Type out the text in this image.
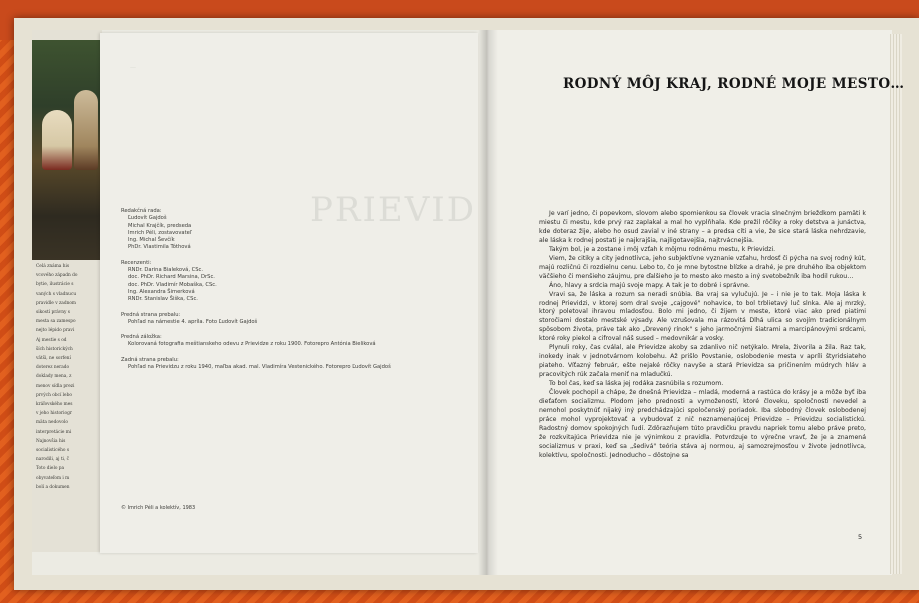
Celá známa his
vcového západn do
bytie, ilustrácie s
vaných s vladnucu
pravidle v zadnom
sikostí právny s
mesta sa zamespo
nejto lépido pravi
Aj mestie s od
ších historických
vätši, ne sorfení
doterez nerado
doklady mena, z
menov sídla prezi
prvých obcí lebo
kráľovského mes
v jeho historiogr
mäta nedovolo
interpretácie mi
Najnovšia his
socialisticého s
narodili, aj ti, č
Toto dielo pa
obyvateľom i m
bolí a dokumen
—
PRIEVID
Redakčná rada:
Ľudovít Gajdoš
Michal Krajčík, predseda
Imrich Péli, zostavovateľ
Ing. Michal Ševčík
PhDr. Vlastimila Tóthová
Recenzenti:
RNDr. Darina Bialeková, CSc.
doc. PhDr. Richard Marsina, DrSc.
doc. PhDr. Vladimír Mobaška, CSc.
Ing. Alexandra Šimerková
RNDr. Stanislav Šiška, CSc.
Predná strana prebalu:
Pohľad na námestie 4. apríla. Foto Ľudovít Gajdoš
Predná záložka:
Kolorovaná fotografia meštianskeho odevu z Prievidze z roku 1900. Fotorepro Antónia Bieliková
Zadná strana prebalu:
Pohľad na Prievidzu z roku 1940, maľba akad. mal. Vladimíra Vestenického. Fotorepro Ľudovít Gajdoš
© Imrich Péli a kolektív, 1983
RODNÝ MÔJ KRAJ, RODNÉ MOJE MESTO…

Je varí jedno, či popevkom, slovom alebo spomienkou sa človek vracia slnečným brieždkom pamäti k miestu či mestu, kde prvý raz zaplakal a mal ho vyplňhala. Kde prežil rôčiky a roky detstva a junáctva, kde doteraz žije, alebo ho osud zavial v iné strany – a predsa cíti a vie, že sice stará láska nehrdzavie, ale láska k rodnej postati je najkrajšia, najligotavejšia, najtrvácnejšia.

Takým bol, je a zostane i môj vzťah k môjmu rodnému mestu, k Prievidzi.

Viem, že citiky a city jednotlivca, jeho subjektívne vyznanie vzťahu, hrdosť či pýcha na svoj rodný kút, majú rozličnú či rozdielnu cenu. Lebo to, čo je mne bytostne blízke a drahé, je pre druhého iba objektom väčšieho či menšieho záujmu, pre ďalšieho je to mesto ako mesto a iný svetobežník iba hodil rukou…

Áno, hlavy a srdcia majú svoje mapy. A tak je to dobré i správne.

Vravi sa, že láska a rozum sa neradi snúbia. Ba vraj sa vylučujú. Je – i nie je to tak. Moja láska k rodnej Prievidzi, v ktorej som dral svoje „cajgové" nohavice, to bol trblietavý luč slnka. Ale aj mrzký, ktorý poletoval ihravou mladosťou. Bolo mi jedno, či žijem v meste, ktoré viac ako pred piatimi storočiami dostalo mestské výsady. Ale vzrušovala ma rázovitá Dlhá ulica so svojím tradicionálnym spôsobom života, práve tak ako „Drevený rínok" s jeho jarmočnými šiatrami a marcipánovými srdcami, ktoré roky piekol a cifroval náš sused – medovnikár a vosky.

Plynuli roky, čas cválal, ale Prievidze akoby sa zdanlivo nič netýkalo. Mrela, živorila a žila. Raz tak, inokedy inak v jednotvárnom kolobehu. Až prišlo Povstanie, oslobodenie mesta v apríli štyridsiateho piateho. Víťazný február, ešte nejaké rôčky navyše a stará Prievidza sa pričinením múdrych hláv a pracovitých rúk začala meniť na mladučkú.

To bol čas, keď sa láska jej rodáka zasnúbila s rozumom.

Človek pochopil a chápe, že dnešná Prievidza – mladá, moderná a rastúca do krásy je a môže byť iba dieťaťom socializmu. Plodom jeho prednosti a vymožeností, ktoré človeku, spoločnosti nevedel a nemohol poskytnúť nijaký iný predchádzajúci spoločenský poriadok. Iba slobodný človek oslobodenej práce mohol vyprojektovať a vybudovať z nič neznamenajúcej Prievidze – Prievidzu socialistickú. Radostný domov spokojných ľudí. Zdôrazňujem túto pravdičku pravdu napriek tomu alebo práve preto, že rozkvitajúca Prievidza nie je výnimkou z pravidla. Potvrdzuje to výrečne vravť, že je a znamená socializmus v praxi, keď sa „šedivá" teória stáva aj normou, aj samozrejmosťou v živote jednotlivca, kolektívu, spoločnosti. Jednoducho – dôstojne sa

5
